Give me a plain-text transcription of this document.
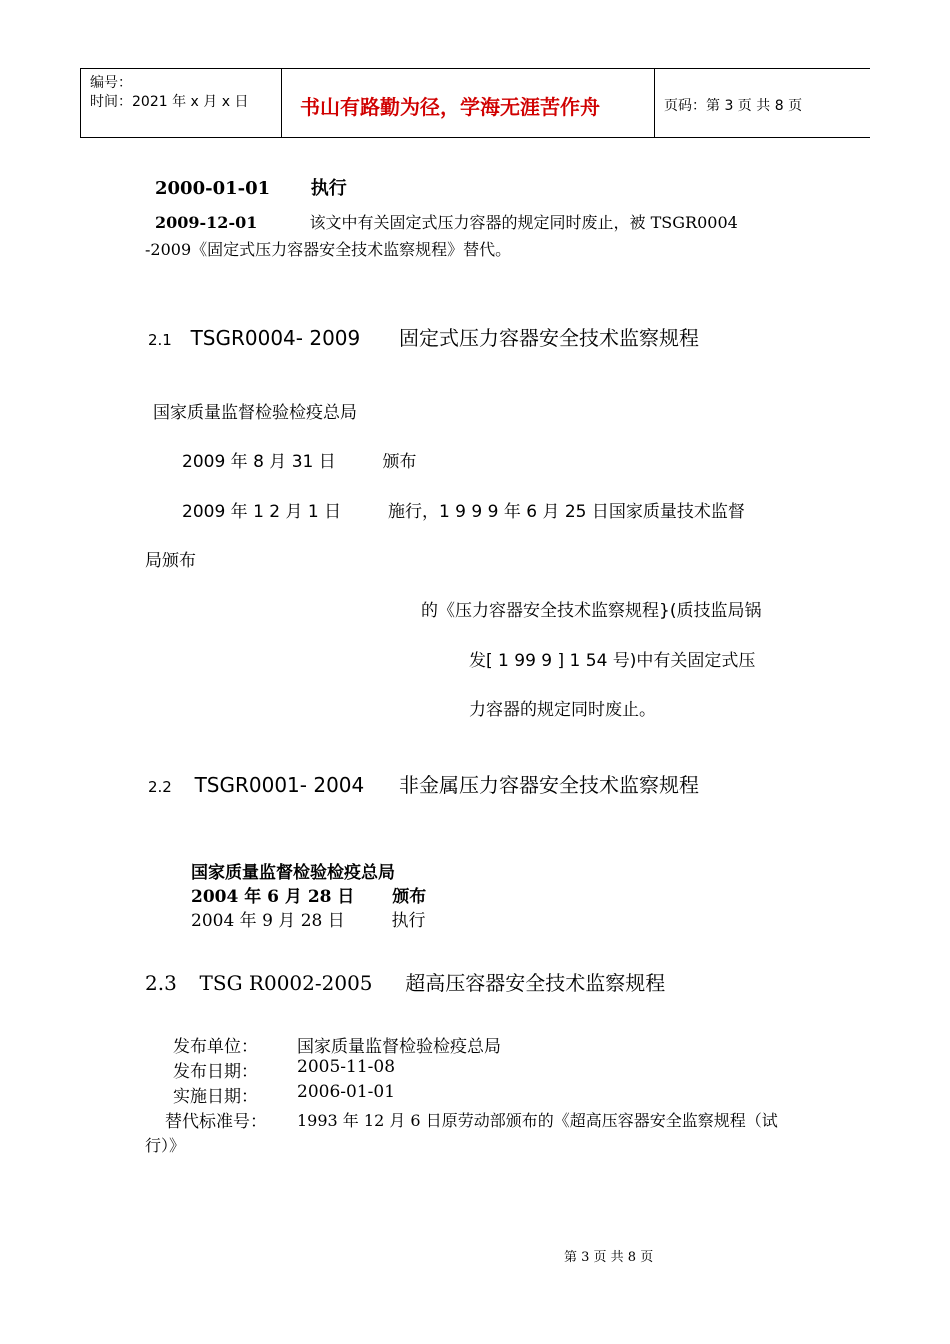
编号：
时间：2021 年 x 月 x 日	书山有路勤为径，学海无涯苦作舟	页码：第 3 页 共 8 页
2000-01-01 执行
2009-12-01	该文中有关固定式压力容器的规定同时废止，被 TSGR0004
-2009《固定式压力容器安全技术监察规程》替代。
2.1 TSGR0004- 2009 固定式压力容器安全技术监察规程
国家质量监督检验检疫总局
2009 年 8 月 31 日	颁布
2009 年 1 2 月 1 日	施行，1 9 9 9 年 6 月 25 日国家质量技术监督
局颁布
的《压力容器安全技术监察规程}(质技监局锅
发[ 1 99 9 ] 1 54 号)中有关固定式压
力容器的规定同时废止。
2.2 TSGR0001- 2004 非金属压力容器安全技术监察规程
国家质量监督检验检疫总局
2004 年 6 月 28 日 颁布
2004 年 9 月 28 日	执行
2.3 TSG R0002-2005 超高压容器安全技术监察规程
发布单位： 国家质量监督检验检疫总局
发布日期： 2005-11-08
实施日期： 2006-01-01
替代标准号： 1993 年 12 月 6 日原劳动部颁布的《超高压容器安全监察规程（试
行）》
第 3 页 共 8 页
